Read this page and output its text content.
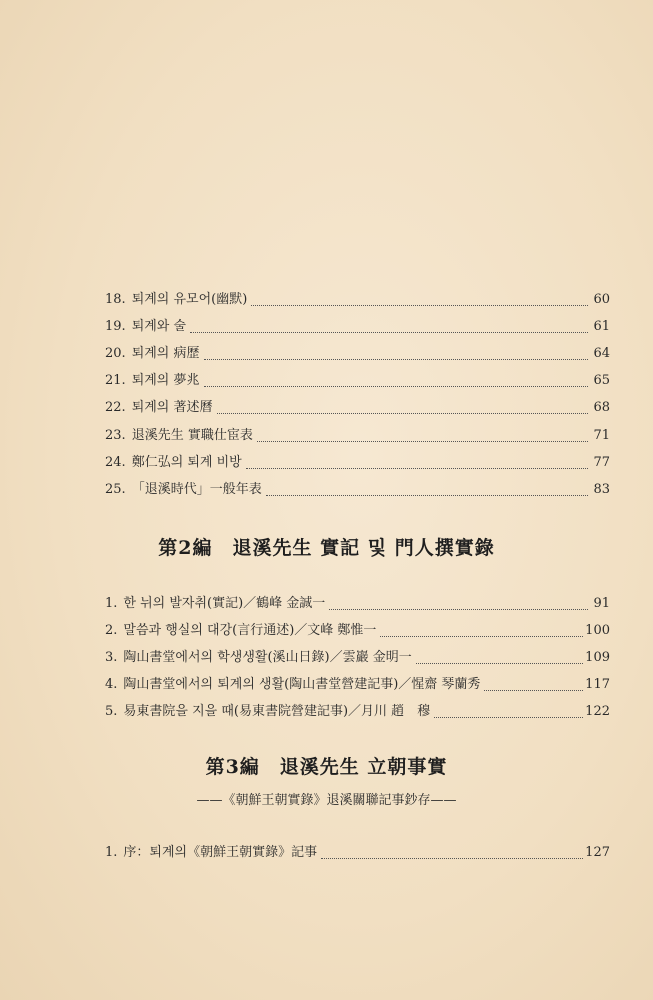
18. 퇴계의 유모어(幽默)	60
19. 퇴계와 술	61
20. 퇴계의 病歷	64
21. 퇴계의 夢兆	65
22. 퇴계의 著述曆	68
23. 退溪先生 實職仕宦表	71
24. 鄭仁弘의 퇴계 비방	77
25. 「退溪時代」一般年表	83
第2編　退溪先生 實記 및 門人撰實錄
1. 한 뉘의 발자취(實記)／鶴峰 金誠一	91
2. 말씀과 행실의 대강(言行通述)／文峰 鄭惟一	100
3. 陶山書堂에서의 학생생활(溪山日錄)／雲巖 金明一	109
4. 陶山書堂에서의 퇴계의 생활(陶山書堂營建記事)／惺齋 琴蘭秀	117
5. 易東書院을 지을 때(易東書院營建記事)／月川 趙　穆	122
第3編　退溪先生 立朝事實
——《朝鮮王朝實錄》退溪關聯記事鈔存——
1. 序：퇴계의《朝鮮王朝實錄》記事	127
